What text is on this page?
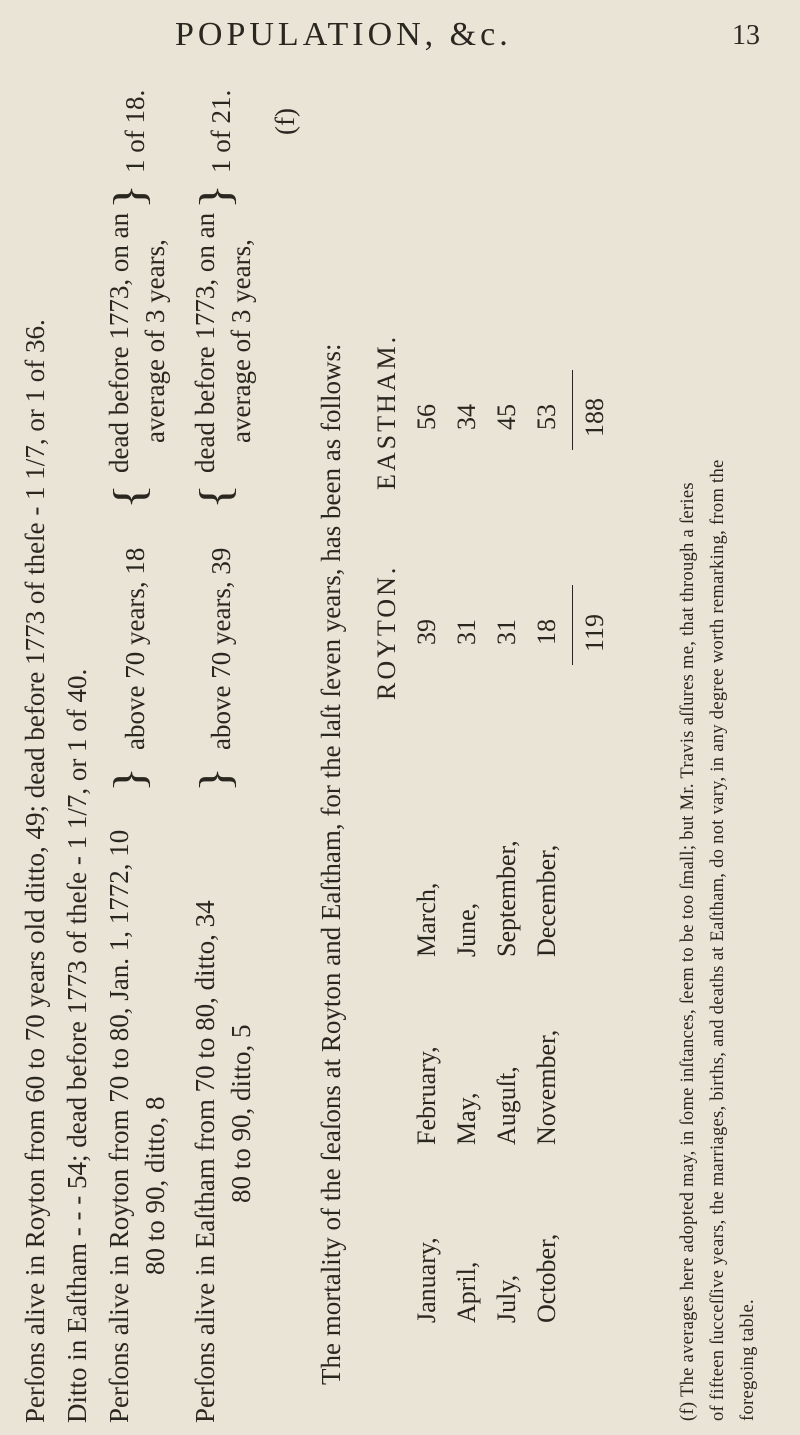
POPULATION, &c.	13
Perſons alive in Royton from 60 to 70 years old ditto, 49; dead before 1773 of theſe - 1 1/7, or 1 of 36. Ditto in Eaſtham - - - 54; dead before 1773 of theſe - 1 1/7, or 1 of 40. Perſons alive in Royton from 70 to 80, Jan. 1, 1772, 10 80 to 90, ditto, 8
}
above 70 years, 18
{
dead before 1773, on an average of 3 years,
}
1 of 18.
Perſons alive in Eaſtham from 70 to 80, ditto, 34 80 to 90, ditto, 5
}
above 70 years, 39
{
dead before 1773, on an average of 3 years,
}
1 of 21. (f)
The mortality of the ſeaſons at Royton and Eaſtham, for the laſt ſeven years, has been as follows: ROYTON.
EASTHAM.
January,
February,
March,
39
56
April,
May,
June,
31
34
July,
Auguſt,
September,
31
45
October,
November,
December,
18
53
119
188
(f) The averages here adopted may, in ſome inſtances, ſeem to be too ſmall; but Mr. Travis aſſures me, that through a ſeries of fifteen ſucceſſive years, the marriages, births, and deaths at Eaſtham, do not vary, in any degree worth remarking, from the foregoing table.
